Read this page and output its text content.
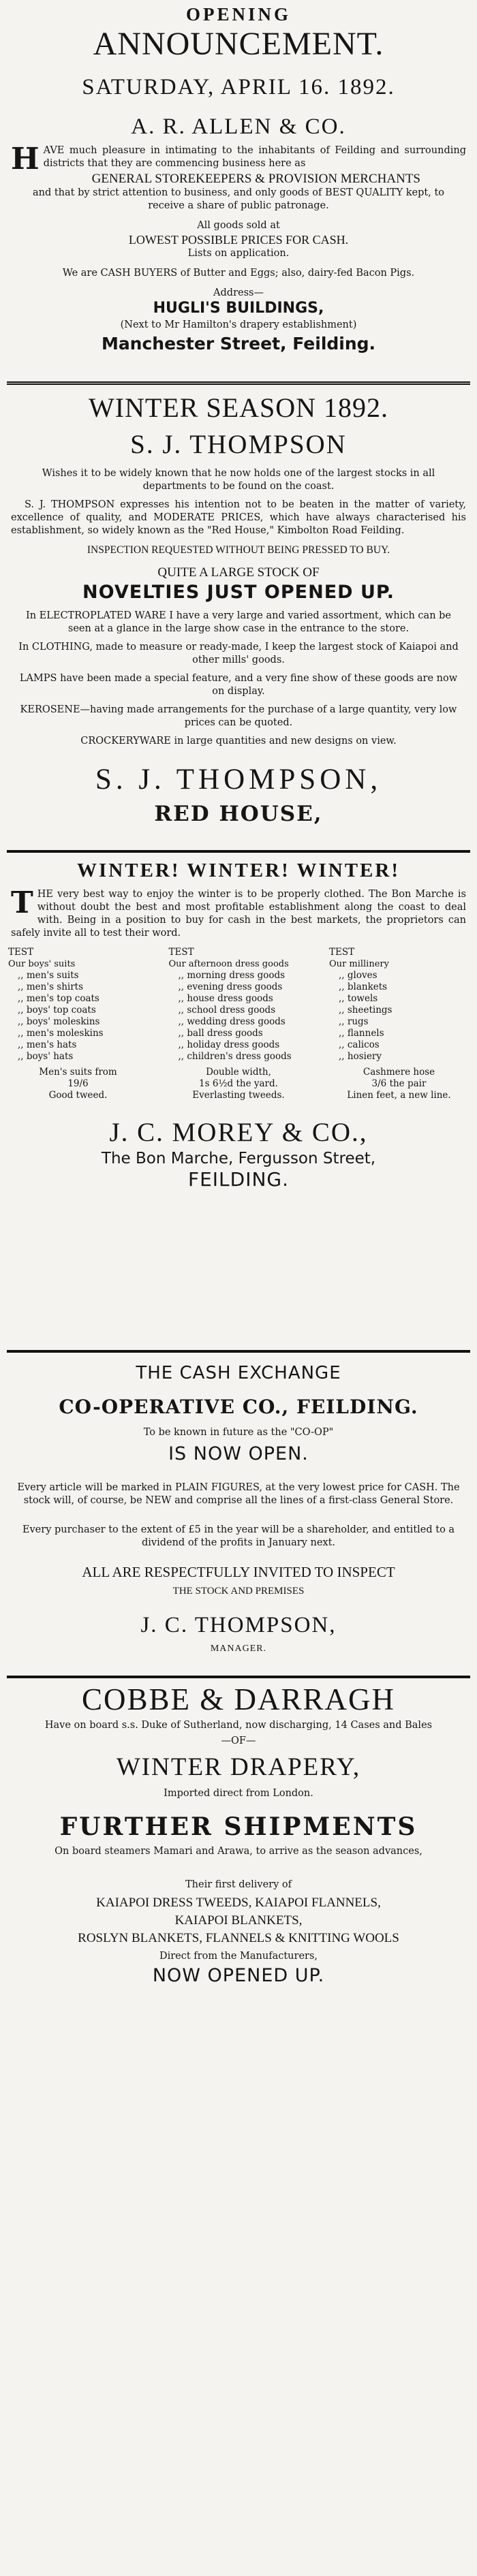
OPENING
ANNOUNCEMENT.
SATURDAY, APRIL 16. 1892.
A. R. ALLEN & CO.
HAVE much pleasure in intimating to the inhabitants of Feilding and surrounding districts that they are commencing business here as
GENERAL STOREKEEPERS & PROVISION MERCHANTS
and that by strict attention to business, and only goods of BEST QUALITY kept, to receive a share of public patronage.
All goods sold at
LOWEST POSSIBLE PRICES FOR CASH.
Lists on application.
We are CASH BUYERS of Butter and Eggs; also, dairy-fed Bacon Pigs.
Address—
HUGLI'S BUILDINGS,
(Next to Mr Hamilton's drapery establishment)
Manchester Street, Feilding.
WINTER SEASON 1892.
S. J. THOMPSON
Wishes it to be widely known that he now holds one of the largest stocks in all departments to be found on the coast.
S. J. THOMPSON expresses his intention not to be beaten in the matter of variety, excellence of quality, and MODERATE PRICES, which have always characterised his establishment, so widely known as the "Red House," Kimbolton Road Feilding.
INSPECTION REQUESTED WITHOUT BEING PRESSED TO BUY.
QUITE A LARGE STOCK OF
NOVELTIES JUST OPENED UP.
In ELECTROPLATED WARE I have a very large and varied assortment, which can be seen at a glance in the large show case in the entrance to the store.
In CLOTHING, made to measure or ready-made, I keep the largest stock of Kaiapoi and other mills' goods.
LAMPS have been made a special feature, and a very fine show of these goods are now on display.
KEROSENE—having made arrangements for the purchase of a large quantity, very low prices can be quoted.
CROCKERYWARE in large quantities and new designs on view.
S. J. THOMPSON,
RED HOUSE,
WINTER! WINTER! WINTER!
THE very best way to enjoy the winter is to be properly clothed. The Bon Marche is without doubt the best and most profitable establishment along the coast to deal with. Being in a position to buy for cash in the best markets, the proprietors can safely invite all to test their word.
TEST
Our boys' suits
,, men's suits
,, men's shirts
,, men's top coats
,, boys' top coats
,, boys' moleskins
,, men's moleskins
,, men's hats
,, boys' hats
Men's suits from
19/6
Good tweed.
TEST
Our afternoon dress goods
,, morning dress goods
,, evening dress goods
,, house dress goods
,, school dress goods
,, wedding dress goods
,, ball dress goods
,, holiday dress goods
,, children's dress goods
Double width,
1s 6½d the yard.
Everlasting tweeds.
TEST
Our millinery
,, gloves
,, blankets
,, towels
,, sheetings
,, rugs
,, flannels
,, calicos
,, hosiery
Cashmere hose
3/6 the pair
Linen feet, a new line.
J. C. MOREY & CO.,
The Bon Marche, Fergusson Street,
FEILDING.
THE CASH EXCHANGE
CO-OPERATIVE CO., FEILDING.
To be known in future as the "CO-OP"
IS NOW OPEN.
Every article will be marked in PLAIN FIGURES, at the very lowest price for CASH. The stock will, of course, be NEW and comprise all the lines of a first-class General Store.
Every purchaser to the extent of £5 in the year will be a shareholder, and entitled to a dividend of the profits in January next.
ALL ARE RESPECTFULLY INVITED TO INSPECT
THE STOCK AND PREMISES
J. C. THOMPSON,
MANAGER.
COBBE & DARRAGH
Have on board s.s. Duke of Sutherland, now discharging, 14 Cases and Bales
—OF—
WINTER DRAPERY,
Imported direct from London.
FURTHER SHIPMENTS
On board steamers Mamari and Arawa, to arrive as the season advances,
Their first delivery of
KAIAPOI DRESS TWEEDS, KAIAPOI FLANNELS,
KAIAPOI BLANKETS,
ROSLYN BLANKETS, FLANNELS & KNITTING WOOLS
Direct from the Manufacturers,
NOW OPENED UP.
